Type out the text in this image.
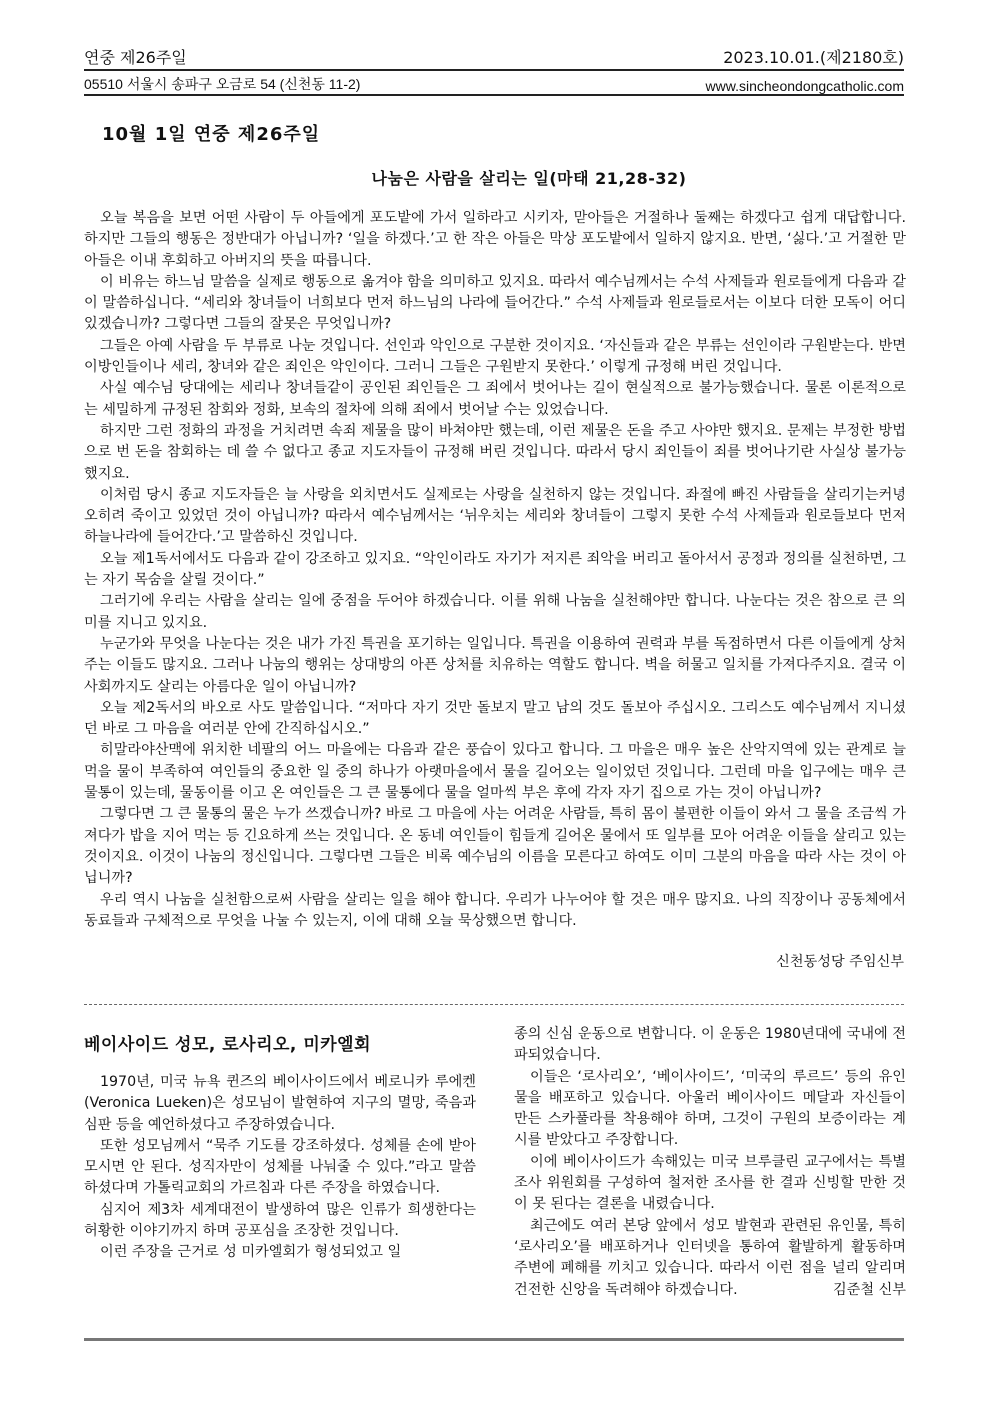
연중 제26주일	2023.10.01.(제2180호)
05510 서울시 송파구 오금로 54 (신천동 11-2)	www.sincheondongcatholic.com
10월 1일 연중 제26주일
나눔은 사람을 살리는 일(마태 21,28-32)

오늘 복음을 보면 어떤 사람이 두 아들에게 포도밭에 가서 일하라고 시키자, 맏아들은 거절하나 둘째는 하겠다고 쉽게 대답합니다. 하지만 그들의 행동은 정반대가 아닙니까? ‘일을 하겠다.’고 한 작은 아들은 막상 포도밭에서 일하지 않지요. 반면, ‘싫다.’고 거절한 맏아들은 이내 후회하고 아버지의 뜻을 따릅니다.

이 비유는 하느님 말씀을 실제로 행동으로 옮겨야 함을 의미하고 있지요. 따라서 예수님께서는 수석 사제들과 원로들에게 다음과 같이 말씀하십니다. “세리와 창녀들이 너희보다 먼저 하느님의 나라에 들어간다.” 수석 사제들과 원로들로서는 이보다 더한 모독이 어디 있겠습니까? 그렇다면 그들의 잘못은 무엇입니까?

그들은 아예 사람을 두 부류로 나눈 것입니다. 선인과 악인으로 구분한 것이지요. ‘자신들과 같은 부류는 선인이라 구원받는다. 반면 이방인들이나 세리, 창녀와 같은 죄인은 악인이다. 그러니 그들은 구원받지 못한다.’ 이렇게 규정해 버린 것입니다.

사실 예수님 당대에는 세리나 창녀들같이 공인된 죄인들은 그 죄에서 벗어나는 길이 현실적으로 불가능했습니다. 물론 이론적으로는 세밀하게 규정된 참회와 정화, 보속의 절차에 의해 죄에서 벗어날 수는 있었습니다.

하지만 그런 정화의 과정을 거치려면 속죄 제물을 많이 바쳐야만 했는데, 이런 제물은 돈을 주고 사야만 했지요. 문제는 부정한 방법으로 번 돈을 참회하는 데 쓸 수 없다고 종교 지도자들이 규정해 버린 것입니다. 따라서 당시 죄인들이 죄를 벗어나기란 사실상 불가능했지요.

이처럼 당시 종교 지도자들은 늘 사랑을 외치면서도 실제로는 사랑을 실천하지 않는 것입니다. 좌절에 빠진 사람들을 살리기는커녕 오히려 죽이고 있었던 것이 아닙니까? 따라서 예수님께서는 ‘뉘우치는 세리와 창녀들이 그렇지 못한 수석 사제들과 원로들보다 먼저 하늘나라에 들어간다.’고 말씀하신 것입니다.

오늘 제1독서에서도 다음과 같이 강조하고 있지요. “악인이라도 자기가 저지른 죄악을 버리고 돌아서서 공정과 정의를 실천하면, 그는 자기 목숨을 살릴 것이다.”

그러기에 우리는 사람을 살리는 일에 중점을 두어야 하겠습니다. 이를 위해 나눔을 실천해야만 합니다. 나눈다는 것은 참으로 큰 의미를 지니고 있지요.

누군가와 무엇을 나눈다는 것은 내가 가진 특권을 포기하는 일입니다. 특권을 이용하여 권력과 부를 독점하면서 다른 이들에게 상처 주는 이들도 많지요. 그러나 나눔의 행위는 상대방의 아픈 상처를 치유하는 역할도 합니다. 벽을 허물고 일치를 가져다주지요. 결국 이 사회까지도 살리는 아름다운 일이 아닙니까?

오늘 제2독서의 바오로 사도 말씀입니다. “저마다 자기 것만 돌보지 말고 남의 것도 돌보아 주십시오. 그리스도 예수님께서 지니셨던 바로 그 마음을 여러분 안에 간직하십시오.”

히말라야산맥에 위치한 네팔의 어느 마을에는 다음과 같은 풍습이 있다고 합니다. 그 마을은 매우 높은 산악지역에 있는 관계로 늘 먹을 물이 부족하여 여인들의 중요한 일 중의 하나가 아랫마을에서 물을 길어오는 일이었던 것입니다. 그런데 마을 입구에는 매우 큰 물통이 있는데, 물동이를 이고 온 여인들은 그 큰 물통에다 물을 얼마씩 부은 후에 각자 자기 집으로 가는 것이 아닙니까?

그렇다면 그 큰 물통의 물은 누가 쓰겠습니까? 바로 그 마을에 사는 어려운 사람들, 특히 몸이 불편한 이들이 와서 그 물을 조금씩 가져다가 밥을 지어 먹는 등 긴요하게 쓰는 것입니다. 온 동네 여인들이 힘들게 길어온 물에서 또 일부를 모아 어려운 이들을 살리고 있는 것이지요. 이것이 나눔의 정신입니다. 그렇다면 그들은 비록 예수님의 이름을 모른다고 하여도 이미 그분의 마음을 따라 사는 것이 아닙니까?

우리 역시 나눔을 실천함으로써 사람을 살리는 일을 해야 합니다. 우리가 나누어야 할 것은 매우 많지요. 나의 직장이나 공동체에서 동료들과 구체적으로 무엇을 나눌 수 있는지, 이에 대해 오늘 묵상했으면 합니다.

신천동성당 주임신부
베이사이드 성모, 로사리오, 미카엘회

1970년, 미국 뉴욕 퀸즈의 베이사이드에서 베로니카 루에켄(Veronica Lueken)은 성모님이 발현하여 지구의 멸망, 죽음과 심판 등을 예언하셨다고 주장하였습니다.

또한 성모님께서 “묵주 기도를 강조하셨다. 성체를 손에 받아 모시면 안 된다. 성직자만이 성체를 나눠줄 수 있다.”라고 말씀하셨다며 가톨릭교회의 가르침과 다른 주장을 하였습니다.

심지어 제3차 세계대전이 발생하여 많은 인류가 희생한다는 허황한 이야기까지 하며 공포심을 조장한 것입니다.

이런 주장을 근거로 성 미카엘회가 형성되었고 일

종의 신심 운동으로 변합니다. 이 운동은 1980년대에 국내에 전파되었습니다.

이들은 ‘로사리오’, ‘베이사이드’, ‘미국의 루르드’ 등의 유인물을 배포하고 있습니다. 아울러 베이사이드 메달과 자신들이 만든 스카풀라를 착용해야 하며, 그것이 구원의 보증이라는 계시를 받았다고 주장합니다.

이에 베이사이드가 속해있는 미국 브루클린 교구에서는 특별조사 위원회를 구성하여 철저한 조사를 한 결과 신빙할 만한 것이 못 된다는 결론을 내렸습니다.

최근에도 여러 본당 앞에서 성모 발현과 관련된 유인물, 특히 ‘로사리오’를 배포하거나 인터넷을 통하여 활발하게 활동하며 주변에 폐해를 끼치고 있습니다. 따라서 이런 점을 널리 알리며 건전한 신앙을 독려해야 하겠습니다.	김준철 신부
